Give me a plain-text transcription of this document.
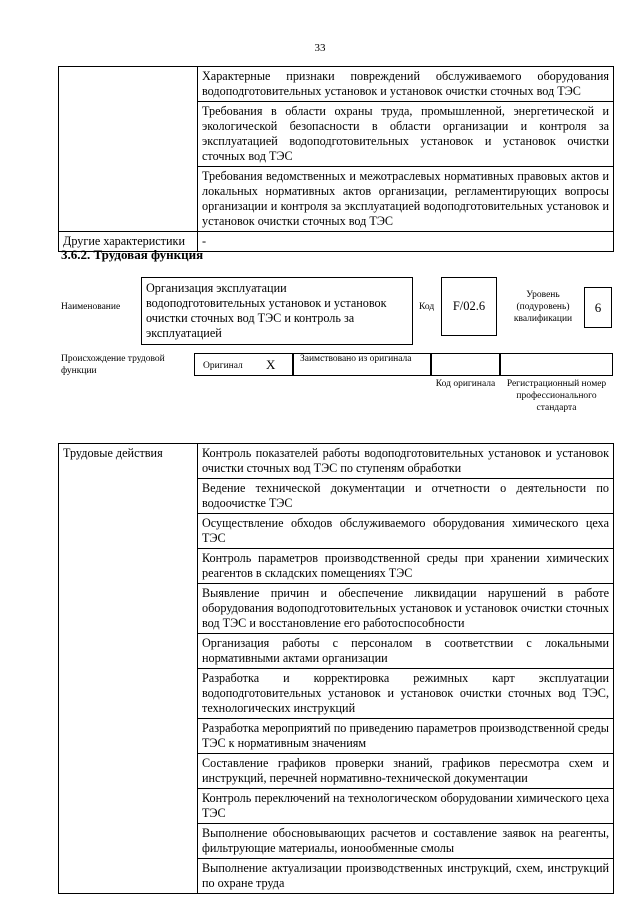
33
	Характерные признаки повреждений обслуживаемого оборудования водоподготовительных установок и установок очистки сточных вод ТЭС
	Требования в области охраны труда, промышленной, энергетической и экологической безопасности в области организации и контроля за эксплуатацией водоподготовительных установок и установок очистки сточных вод ТЭС
	Требования ведомственных и межотраслевых нормативных правовых актов и локальных нормативных актов организации, регламентирующих вопросы организации и контроля за эксплуатацией водоподготовительных установок и установок очистки сточных вод ТЭС
Другие характеристики	-
3.6.2. Трудовая функция
Наименование
Организация эксплуатации водоподготовительных установок и установок очистки сточных вод ТЭС и контроль за эксплуатацией
Код	F/02.6
Уровень (подуровень) квалификации
6
Происхождение трудовой функции	Оригинал X	Заимствовано из оригинала
Код оригинала	Регистрационный номер профессионального стандарта
Трудовые действия	Контроль показателей работы водоподготовительных установок и установок очистки сточных вод ТЭС по ступеням обработки
Ведение технической документации и отчетности о деятельности по водоочистке ТЭС
Осуществление обходов обслуживаемого оборудования химического цеха ТЭС
Контроль параметров производственной среды при хранении химических реагентов в складских помещениях ТЭС
Выявление причин и обеспечение ликвидации нарушений в работе оборудования водоподготовительных установок и установок очистки сточных вод ТЭС и восстановление его работоспособности
Организация работы с персоналом в соответствии с локальными нормативными актами организации
Разработка и корректировка режимных карт эксплуатации водоподготовительных установок и установок очистки сточных вод ТЭС, технологических инструкций
Разработка мероприятий по приведению параметров производственной среды ТЭС к нормативным значениям
Составление графиков проверки знаний, графиков пересмотра схем и инструкций, перечней нормативно-технической документации
Контроль переключений на технологическом оборудовании химического цеха ТЭС
Выполнение обосновывающих расчетов и составление заявок на реагенты, фильтрующие материалы, ионообменные смолы
Выполнение актуализации производственных инструкций, схем, инструкций по охране труда
